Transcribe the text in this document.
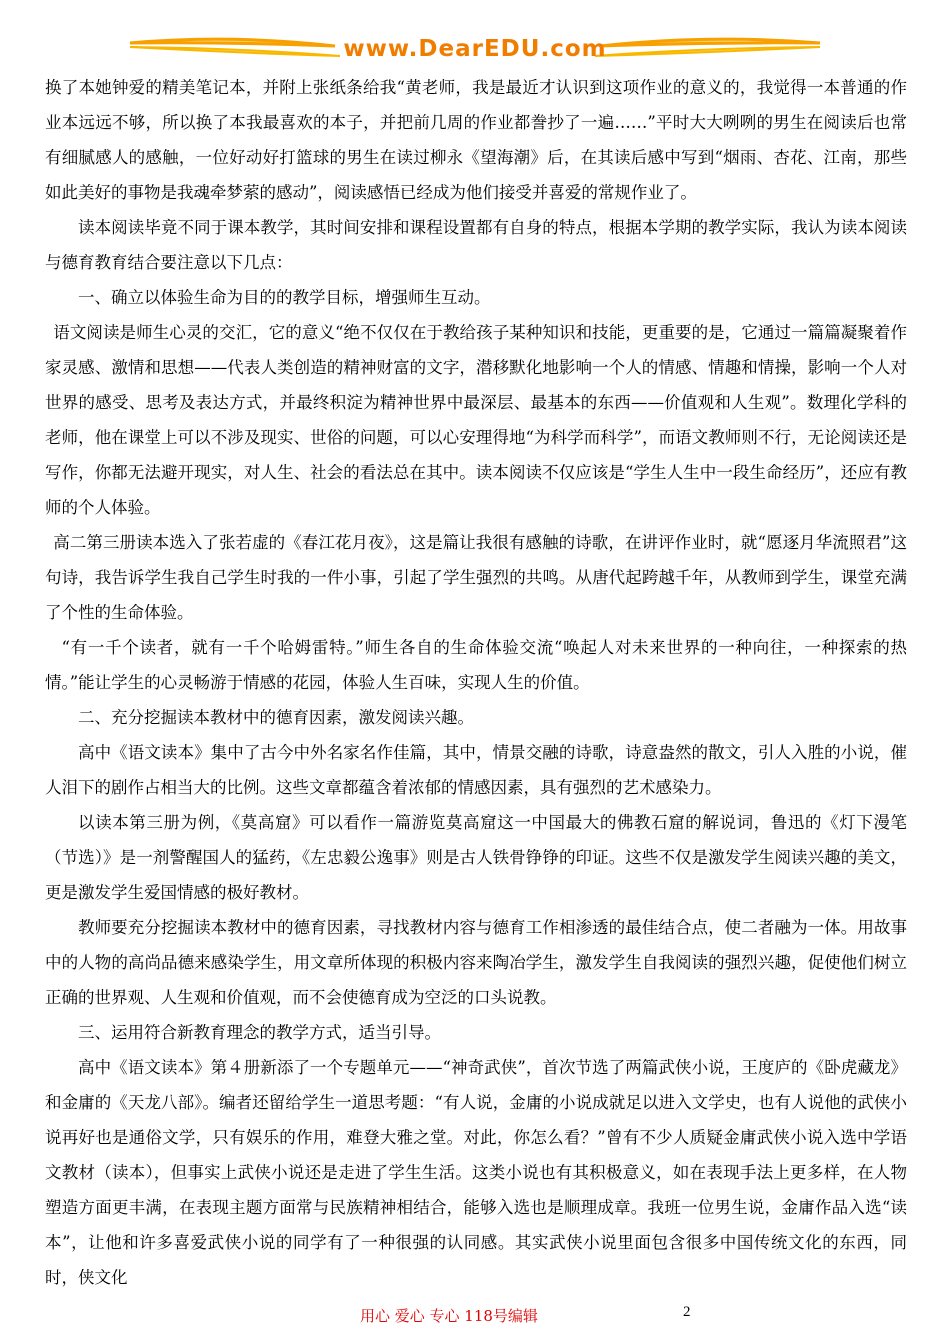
www.DearEDU.com

换了本她钟爱的精美笔记本，并附上张纸条给我“黄老师，我是最近才认识到这项作业的意义的，我觉得一本普通的作业本远远不够，所以换了本我最喜欢的本子，并把前几周的作业都誊抄了一遍……”平时大大咧咧的男生在阅读后也常有细腻感人的感触，一位好动好打篮球的男生在读过柳永《望海潮》后，在其读后感中写到“烟雨、杏花、江南，那些如此美好的事物是我魂牵梦萦的感动”，阅读感悟已经成为他们接受并喜爱的常规作业了。

读本阅读毕竟不同于课本教学，其时间安排和课程设置都有自身的特点，根据本学期的教学实际，我认为读本阅读与德育教育结合要注意以下几点：

一、确立以体验生命为目的的教学目标，增强师生互动。

语文阅读是师生心灵的交汇，它的意义“绝不仅仅在于教给孩子某种知识和技能，更重要的是，它通过一篇篇凝聚着作家灵感、激情和思想——代表人类创造的精神财富的文字，潜移默化地影响一个人的情感、情趣和情操，影响一个人对世界的感受、思考及表达方式，并最终积淀为精神世界中最深层、最基本的东西——价值观和人生观”。数理化学科的老师，他在课堂上可以不涉及现实、世俗的问题，可以心安理得地“为科学而科学”，而语文教师则不行，无论阅读还是写作，你都无法避开现实，对人生、社会的看法总在其中。读本阅读不仅应该是“学生人生中一段生命经历”，还应有教师的个人体验。

高二第三册读本选入了张若虚的《春江花月夜》，这是篇让我很有感触的诗歌，在讲评作业时，就“愿逐月华流照君”这句诗，我告诉学生我自己学生时我的一件小事，引起了学生强烈的共鸣。从唐代起跨越千年，从教师到学生，课堂充满了个性的生命体验。

“有一千个读者，就有一千个哈姆雷特。”师生各自的生命体验交流“唤起人对未来世界的一种向往，一种探索的热情。”能让学生的心灵畅游于情感的花园，体验人生百味，实现人生的价值。

二、充分挖掘读本教材中的德育因素，激发阅读兴趣。

高中《语文读本》集中了古今中外名家名作佳篇，其中，情景交融的诗歌，诗意盎然的散文，引人入胜的小说，催人泪下的剧作占相当大的比例。这些文章都蕴含着浓郁的情感因素，具有强烈的艺术感染力。

以读本第三册为例，《莫高窟》可以看作一篇游览莫高窟这一中国最大的佛教石窟的解说词，鲁迅的《灯下漫笔（节选）》是一剂警醒国人的猛药，《左忠毅公逸事》则是古人铁骨铮铮的印证。这些不仅是激发学生阅读兴趣的美文，更是激发学生爱国情感的极好教材。

教师要充分挖掘读本教材中的德育因素，寻找教材内容与德育工作相渗透的最佳结合点，使二者融为一体。用故事中的人物的高尚品德来感染学生，用文章所体现的积极内容来陶冶学生，激发学生自我阅读的强烈兴趣，促使他们树立正确的世界观、人生观和价值观，而不会使德育成为空泛的口头说教。

三、运用符合新教育理念的教学方式，适当引导。

高中《语文读本》第４册新添了一个专题单元——“神奇武侠”，首次节选了两篇武侠小说，王度庐的《卧虎藏龙》和金庸的《天龙八部》。编者还留给学生一道思考题：“有人说，金庸的小说成就足以进入文学史，也有人说他的武侠小说再好也是通俗文学，只有娱乐的作用，难登大雅之堂。对此，你怎么看？”曾有不少人质疑金庸武侠小说入选中学语文教材（读本），但事实上武侠小说还是走进了学生生活。这类小说也有其积极意义，如在表现手法上更多样，在人物塑造方面更丰满，在表现主题方面常与民族精神相结合，能够入选也是顺理成章。我班一位男生说，金庸作品入选“读本”，让他和许多喜爱武侠小说的同学有了一种很强的认同感。其实武侠小说里面包含很多中国传统文化的东西，同时，侠文化

用心 爱心 专心 118号编辑	2
